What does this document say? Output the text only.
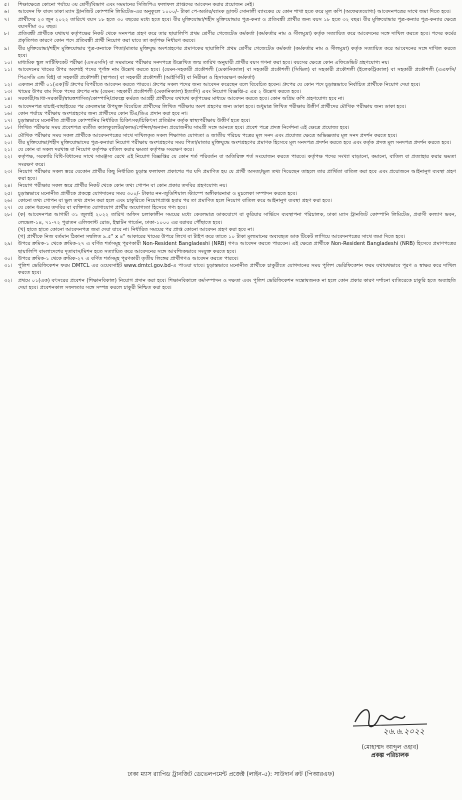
৫।	শিক্ষাক্ষেত্রে কোনো পর্যায়ে ৩য় শ্রেণী/বিভাগ এবং সমমানের সিজিপিএ ফলাফল প্রাপ্তদের আবেদন করার প্রয়োজন নেই।
৬।	আবেদন ফি বাবদ ঢাকা ম্যাস ট্রানজিট কোম্পানি লিমিটেড-এর অনুকূলে ১০০০/- টাকা পে-অর্ডার/ব্যাংক ড্রাফট সোনালী ব্যাংকের যে কোন শাখা হতে করে মূল কপি (অফেরতযোগ্য) আবেদনপত্রের সাথে জমা দিতে হবে।
৭।	প্রার্থীদের ২৩ জুন ২০২২ তারিখে বয়স ১৮ হতে ৩০ বছরের মধ্যে হতে হবে। বীর মুক্তিযোদ্ধা/শহীদ মুক্তিযোদ্ধার পুত্র-কন্যা ও প্রতিবন্ধী প্রার্থীর জন্য বয়স ১৮ হতে ৩২ বছর। বীর মুক্তিযোদ্ধার পুত্র-কন্যার পুত্র-কন্যার ক্ষেত্রে বয়সসীমা ৩০ বছর।
৮।	প্রতিবন্ধী প্রার্থীকে যথাযথ কর্তৃপক্ষের নিকট থেকে সনদপত্র গ্রহণ করে তার ছায়ালিপি প্রথম শ্রেণীর গেজেটেড কর্মকর্তা (কর্মকর্তার নাম ও সীলমুদ্রা) কর্তৃক সত্যায়িত করে আবেদনের সঙ্গে দাখিল করতে হবে। পদের কর্মের প্রকৃতিগত কারণে কোন পদে প্রতিবন্ধী প্রার্থী নিয়োগ করা যাবে তা কর্তৃপক্ষ নির্ধারণ করবে।
৯।	বীর মুক্তিযোদ্ধা/শহীদ মুক্তিযোদ্ধার পুত্র-কন্যাকে পিতা/মাতার মুক্তিযুদ্ধ অংশগ্রহণের প্রমাণকের ছায়ালিপি প্রথম শ্রেণীর গেজেটেড কর্মকর্তা (কর্মকর্তার নাম ও সীলমুদ্রা) কর্তৃক সত্যায়িত করে আবেদনের সঙ্গে দাখিল করতে হবে।
১০।	মাধ্যমিক স্কুল সার্টিফিকেট পরীক্ষা (এসএসসি) বা সমমানের পরীক্ষার সনদপত্রে উল্লেখিত জন্ম তারিখ অনুযায়ী প্রার্থীর বয়স গণনা করা হবে। বয়সের ক্ষেত্রে কোন এফিডেভিট গ্রহণযোগ্য নয়।
১১।	আবেদনের খামের উপর অবশ্যই পদের পূর্ণাঙ্গ নাম উল্লেখ করতে হবে। (যেমন-সহকারী প্রকৌশলী (মেকানিক্যাল) বা সহকারী প্রকৌশলী (সিভিল) বা সহকারী প্রকৌশলী (ইলেকট্রিক্যাল) বা সহকারী প্রকৌশলী (এএফসি/পিএসডি এন্ড বিই) বা সহকারী প্রকৌশলী (স্থাপত্য) বা সহকারী প্রকৌশলী (আইসিটি) বা নিরীক্ষা ও হিসাবরক্ষণ কর্মকর্তা)
১২।	একজন প্রার্থী ০১(এক)টি গ্রুপের বিপরীতে আবেদন করতে পারবে। গ্রুপের সকল পদের জন্য আবেদন করেছেন বলে বিবেচিত হবেন। গ্রুপের যে কোন পদে চূড়ান্তভাবে নির্বাচিত প্রার্থীকে নিয়োগ দেয়া হবে।
১৩।	খামের উপর বাম দিকে পদের গ্রুপের নাম (যেমন: সহকারী প্রকৌশলী (মেকানিক্যাল) ইত্যাদি) এবং নিয়োগ বিজ্ঞপ্তি-৫ এর ২ উল্লেখ করতে হবে।
১৪।	সরকারী/আধা-সরকারী/স্বায়ত্তশাসিত/কোম্পানি/প্রকল্পে কর্মরত আগ্রহী প্রার্থীদের যথাযথ কর্তৃপক্ষের মাধ্যমে আবেদন করতে হবে। কোন অগ্রিম কপি গ্রহণযোগ্য হবে না।
১৫।	আবেদনপত্র যাচাই-বাছাইয়ের পর কেবলমাত্র উপযুক্ত বিবেচিত প্রার্থীদের লিখিত পরীক্ষায় অংশ গ্রহণের জন্য ডাকা হবে। শুধুমাত্র লিখিত পরীক্ষায় উত্তীর্ণ প্রার্থীদের মৌখিক পরীক্ষায় জন্য ডাকা হবে।
১৬।	কোন পর্যায়ে পরীক্ষায় অংশগ্রহণের জন্য প্রার্থীদের কোন টিএ/ডিএ প্রদান করা হবে না।
১৭।	চূড়ান্তভাবে মনোনীত প্রার্থীকে কোম্পানির নির্ধারিত চিকিৎসক/চিকিৎসা প্রতিষ্ঠান কর্তৃক স্বাস্থ্যপরীক্ষায় উত্তীর্ণ হতে হবে।
১৮।	লিখিত পরীক্ষার সময় প্রবেশপত্র ব্যতীত ক্যালকুলেটর/কলম/পেন্সিল/অন্যান্য প্রয়োজনীয় সামগ্রী সঙ্গে আনতে হবে। প্রবেশ পত্রে প্রদত্ত নির্দেশনা এই ক্ষেত্রে প্রযোজ্য হবে।
১৯।	মৌখিক পরীক্ষার সময় সকল প্রার্থীকে আবেদনপত্রের সাথে দাখিলকৃত সকল শিক্ষাগত যোগ্যতা ও জাতীয় পরিচয় পত্রের মূল সনদ এবং প্রযোজ্য ক্ষেত্রে অভিজ্ঞতার মূল সনদ প্রদর্শন করতে হবে।
২০।	বীর মুক্তিযোদ্ধা/শহীদ মুক্তিযোদ্ধাদের পুত্র-কন্যারা নিয়োগ পরীক্ষায় অংশগ্রহণের সময় পিতা/মাতার মুক্তিযুদ্ধে অংশগ্রহণের প্রমাণক হিসেবে মূল সনদপত্র প্রদর্শন করতে হবে এবং কর্তৃক প্রদত্ত মূল সনদপত্র প্রদর্শন করতে হবে।
২১।	যে কোন বা সকল দরখাস্ত বা নিয়োগ কর্তৃপক্ষ বাতিল করার ক্ষমতা কর্তৃপক্ষ সংরক্ষণ করে।
২২।	কর্তৃপক্ষ, সরকারি বিধি-বিধানের সাথে সামঞ্জস্য রেখে এই নিয়োগ বিজ্ঞপ্তির যে কোন শর্ত পরিবর্তন বা অতিরিক্ত শর্ত সংযোজন করতে পারবে। কর্তৃপক্ষ পদের সংখ্যা বাড়ানো, কমানো, বাতিল বা প্রত্যাহার করার ক্ষমতা সংরক্ষণ করে।
২৩।	নিয়োগ পরীক্ষার সকল স্তরে যেকোন প্রার্থীর কিছু নির্ধারিত চূড়ান্ত ফলাফল প্রকাশের পর যদি প্রমাণিত হয় যে প্রার্থী অসত্য/ভুল তথ্য দিয়েছেন তাহলে তার প্রার্থিতা বাতিল করা হবে এবং প্রয়োজনে আইনানুগ ব্যবস্থা গ্রহণ করা হবে।
২৪।	নিয়োগ পরীক্ষার সকল স্তরে প্রার্থীর নিকট থেকে কোন তথ্য গোপন বা কোন প্রকার তদবির গ্রহণযোগ্য নয়।
২৫।	চূড়ান্তভাবে মনোনীত প্রার্থীকে প্রকল্পে যোগদানের সময় ৩০০/- টাকার নন-জুডিশিয়াল স্ট্যাম্পে অঙ্গীকারনামা ও মুচলেকা সম্পাদন করতে হবে।
২৬।	কোনো তথ্য গোপন বা ভুল তথ্য প্রদান করা হলে এবং চাকুরিতে নিয়োগপ্রাপ্ত হবার পর তা প্রমাণিত হলে নিয়োগ বাতিল করে আইনানুগ ব্যবস্থা গ্রহণ করা হবে।
২৭।	যে কোন ধরনের তদবির বা ব্যক্তিগত যোগাযোগ প্রার্থীর অযোগ্যতা হিসেবে গণ্য হবে।
২৮।	(ক) আবেদনপত্র আগামী ৩১ জুলাই ২০২২ তারিখ অফিস চলাকালীন সময়ের মধ্যে কেবলমাত্র ডাকযোগে বা কুরিয়ার সার্ভিসে ব্যবস্থাপনা পরিচালক, ঢাকা ম্যাস ট্রানজিট কোম্পানি লিমিটেড, প্রবাসী কল্যাণ ভবন, লেভেল-১৪, ৭১-৭২ পুরাতন এলিফ্যান্ট রোড, ইস্কাটন গার্ডেন, ঢাকা-১০০০ এর বরাবর পৌঁছাতে হবে।
(খ) হাতে হাতে কোনো আবেদনপত্র জমা দেয়া যাবে না। নির্ধারিত সময়ের পর প্রাপ্ত কোনো আবেদন গ্রহণ করা হবে না।
(গ) প্রার্থীকে নিজ বর্তমান ঠিকানা সম্বলিত ৯.৫" x ৪" আকারের খামের উপরে লিখে বা টাইপ করে তাতে ১০ টাকা মূল্যমানের অব্যবহৃত ডাক টিকেট লাগিয়ে আবেদনপত্রের সাথে জমা দিতে হবে।
২৯।	উপরে ক্রমিক-১ থেকে ক্রমিক-২৭ এ বর্ণিত শর্তসমূহ পূরণকারী Non-Resident Bangladeshi (NRB) গণও আবেদন করতে পারবেন। এই ক্ষেত্রে প্রার্থীকে Non-Resident Bangladeshi (NRB) হিসেবে প্রমাণপত্রের ছায়ালিপি বাংলাদেশের দূতাবাস/মিশন হতে সত্যায়িত করে আবেদনের সঙ্গে আবশ্যিকভাবে সংযুক্ত করতে হবে।
৩০।	উপরে ক্রমিক-১ থেকে ক্রমিক-২৭ এ বর্ণিত শর্তসমূহ পূরণকারী তৃতীয় লিঙ্গের প্রার্থীগণও আবেদন করতে পারবে।
৩১।	পুলিশ ভেরিফিকেশন ফরম DMTCL এর ওয়েবসাইট www.dmtcl.gov.bd-এ পাওয়া যাবে। চূড়ান্তভাবে মনোনীত প্রার্থীকে চাকুরীতে যোগদানের সময় পুলিশ ভেরিফিকেশন ফরম যথাযথভাবে পূরণ ও স্বাক্ষর করে দাখিল করতে হবে।
৩২।	প্রথমে ০১(এক) বৎসরের প্রবেশন (শিক্ষানবিকাল) নিয়োগ প্রদান করা হবে। শিক্ষানবিকালে কর্মসম্পাদন ও দক্ষতা এবং পুলিশ ভেরিফিকেশন সন্তোষজনক না হলে কোন প্রকার কারণ দর্শানো ব্যতিরেকে চাকুরি হতে অব্যাহতি দেয়া হবে। প্রবেশনকাল সফলতার সঙ্গে সম্পন্ন করলে চাকুরী নিশ্চিত করা হবে।
২৬.৬.২০২২
(মোহাম্মদ আব্দুল ওহাব)
প্রকল্প পরিচালক
ঢাকা ম্যাস র‍্যাপিড ট্রানজিট ডেভেলপমেন্ট প্রজেক্ট (লাইন-৫): সাউদার্ন রুট (পিআরএফ)
